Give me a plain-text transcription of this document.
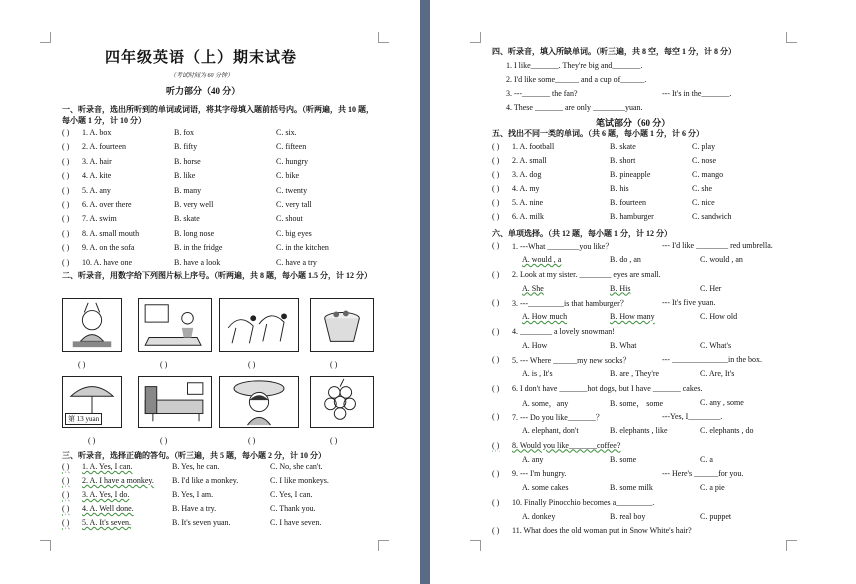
四年级英语（上）期末试卷
（考试时间为 60 分钟）
听力部分（40 分）
一、听录音，选出所听到的单词或词语，将其字母填入题前括号内。（听两遍，共 10 题，每小题 1 分，计 10 分）
二、听录音，用数字给下列图片标上序号。（听两遍，共 8 题，每小题 1.5 分，计 12 分）
( )	( )	( )	( )
第 13 yuan
( )	( )	( )	( )
三、听录音，选择正确的答句。（听三遍，共 5 题，每小题 2 分，计 10 分）
( ) 1. A. box	B. fox	C. six.
( ) 2. A. fourteen	B. fifty	C. fifteen
( ) 3. A. hair	B. horse	C. hungry
( ) 4. A. kite	B. like	C. bike
( ) 5. A. any	B. many	C. twenty
( ) 6. A. over there	B. very well	C. very tall
( ) 7. A. swim	B. skate	C. shout
( ) 8. A. small mouth	B. long nose	C. big eyes
( ) 9. A. on the sofa	B. in the fridge	C. in the kitchen
( ) 10. A. have one	B. have a look	C. have a try
( ) 1. A. Yes, I can.	B. Yes, he can.	C. No, she can't.
( ) 2. A. I have a monkey. B. I'd like a monkey.	C. I like monkeys.
( ) 3. A. Yes, I do.	B. Yes, I am.	C. Yes, I can.
( ) 4. A. Well done.	B. Have a try.	C. Thank you.
( ) 5. A. It's seven.	B. It's seven yuan.	C. I have seven.
四、听录音，填入所缺单词。（听三遍，共 8 空，每空 1 分，计 8 分）
1. I like_______. They're big and_______.
2. I'd like some______ and a cup of______.
3. ---_______ the fan?	--- It's in the_______.
4. These _______ are only ________yuan.
笔试部分（60 分）
五、找出不同一类的单词。（共 6 题，每小题 1 分，计 6 分）
六、单项选择。（共 12 题，每小题 1 分，计 12 分）
( ) 1. A. football	B. skate	C. play
( ) 2. A. small	B. short	C. nose
( ) 3. A. dog	B. pineapple	C. mango
( ) 4. A. my	B. his	C. she
( ) 5. A. nine	B. fourteen	C. nice
( ) 6. A. milk	B. hamburger	C. sandwich
( ) 1. ---What ________you like？	--- I'd like ________ red umbrella.
A. would , a	B. do , an	C. would , an
( ) 2. Look at my sister. ________ eyes are small.
A. She	B. His	C. Her
( ) 3. ---_________is that hamburger？	--- It's five yuan.
A. How much	B. How many	C. How old
( ) 4. ________ a lovely snowman!
A. How	B. What	C. What's
( ) 5. --- Where ______my new socks？	--- ______________in the box.
A. is , It's	B. are , They're	C. Are, It's
( ) 6. I don't have _______hot dogs, but I have _______ cakes.
A. some，any	B. some， some	C. any , some
( ) 7. --- Do you like_______？	---Yes, I________.
A. elephant, don't	B. elephants , like	C. elephants , do
( ) 8. Would you like_______coffee?
A. any	B. some	C. a
( ) 9. --- I'm hungry.	--- Here's ______for you.
A. some cakes	B. some milk	C. a pie
( ) 10. Finally Pinocchio becomes a_________.
A. donkey	B. real boy	C. puppet
( ) 11. What does the old woman put in Snow White's hair?
